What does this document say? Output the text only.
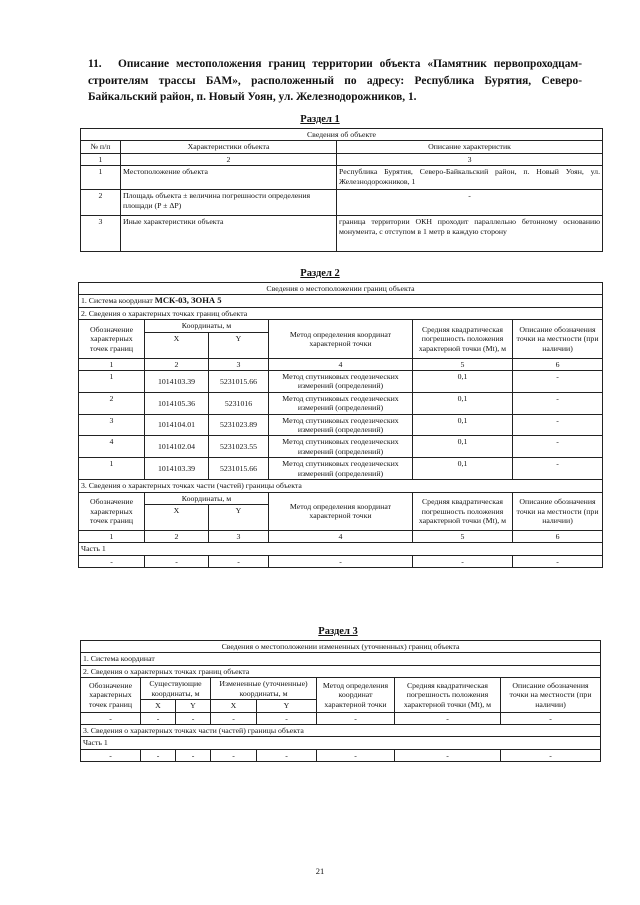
11. Описание местоположения границ территории объекта «Памятник первопроходцам-строителям трассы БАМ», расположенный по адресу: Республика Бурятия, Северо-Байкальский район, п. Новый Уоян, ул. Железнодорожников, 1.
Раздел 1
Сведения об объекте		
№ п/п	Характеристики объекта	Описание характеристик
1	2	3
1	Местоположение объекта	Республика Бурятия, Северо-Байкальский район, п. Новый Уоян, ул. Железнодорожников, 1
2	Площадь объекта ± величина погрешности определения площади (P ± ΔP)	-
3	Иные характеристики объекта	граница территории ОКН проходит параллельно бетонному основанию монумента, с отступом в 1 метр в каждую сторону
Раздел 2
Сведения о местоположении границ объекта					
1. Система координат МСК-03, ЗОНА 5					
2. Сведения о характерных точках границ объекта					
Обозначение характерных точек границ	Координаты, м		Метод определения координат характерной точки	Средняя квадратическая погрешность положения характерной точки (Mt), м	Описание обозначения точки на местности (при наличии)
	X	Y			
1	2	3	4	5	6
1	1014103.39	5231015.66	Метод спутниковых геодезических измерений (определений)	0,1	-
2	1014105.36	5231016	Метод спутниковых геодезических измерений (определений)	0,1	-
3	1014104.01	5231023.89	Метод спутниковых геодезических измерений (определений)	0,1	-
4	1014102.04	5231023.55	Метод спутниковых геодезических измерений (определений)	0,1	-
1	1014103.39	5231015.66	Метод спутниковых геодезических измерений (определений)	0,1	-
3. Сведения о характерных точках части (частей) границы объекта					
Обозначение характерных точек границ	Координаты, м		Метод определения координат характерной точки	Средняя квадратическая погрешность положения характерной точки (Mt), м	Описание обозначения точки на местности (при наличии)
	X	Y			
1	2	3	4	5	6
Часть 1					
-	-	-	-	-	-
Раздел 3
Сведения о местоположении измененных (уточненных) границ объекта							
1. Система координат							
2. Сведения о характерных точках границ объекта							
Обозначение характерных точек границ	Существующие координаты, м		Измененные (уточненные) координаты, м		Метод определения координат характерной точки	Средняя квадратическая погрешность положения характерной точки (Mt), м	Описание обозначения точки на местности (при наличии)
	X	Y	X	Y			
-	-	-	-	-	-	-	-
3. Сведения о характерных точках части (частей) границы объекта							
Часть 1							
-	-	-	-	-	-	-	-
21
